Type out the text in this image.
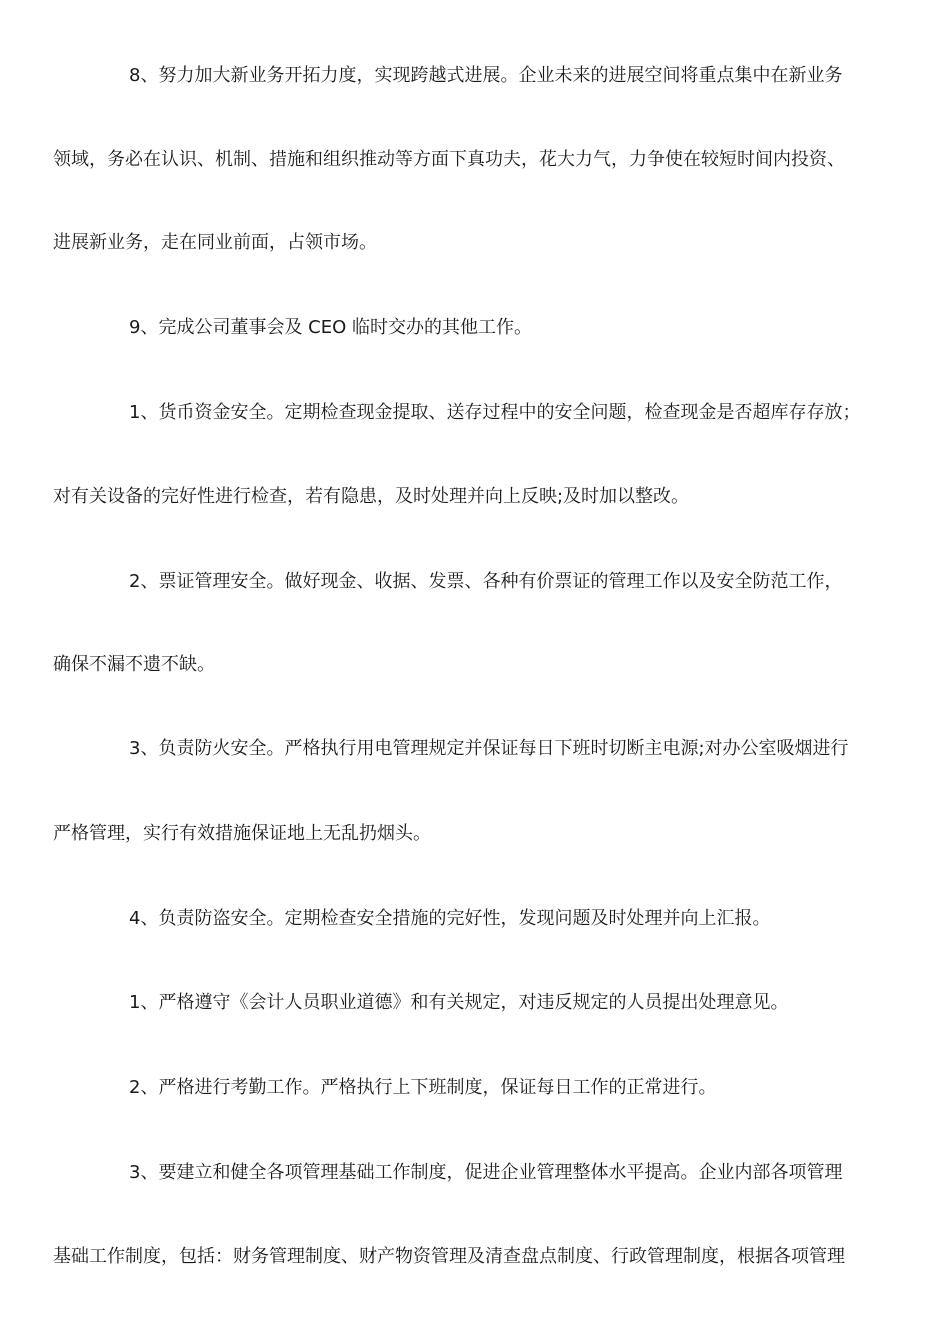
8、努力加大新业务开拓力度，实现跨越式进展。企业未来的进展空间将重点集中在新业务
领域，务必在认识、机制、措施和组织推动等方面下真功夫，花大力气，力争使在较短时间内投资、
进展新业务，走在同业前面，占领市场。
9、完成公司董事会及 CEO 临时交办的其他工作。
1、货币资金安全。定期检查现金提取、送存过程中的安全问题，检查现金是否超库存存放；
对有关设备的完好性进行检查，若有隐患，及时处理并向上反映;及时加以整改。
2、票证管理安全。做好现金、收据、发票、各种有价票证的管理工作以及安全防范工作，
确保不漏不遗不缺。
3、负责防火安全。严格执行用电管理规定并保证每日下班时切断主电源;对办公室吸烟进行
严格管理，实行有效措施保证地上无乱扔烟头。
4、负责防盗安全。定期检查安全措施的完好性，发现问题及时处理并向上汇报。
1、严格遵守《会计人员职业道德》和有关规定，对违反规定的人员提出处理意见。
2、严格进行考勤工作。严格执行上下班制度，保证每日工作的正常进行。
3、要建立和健全各项管理基础工作制度，促进企业管理整体水平提高。企业内部各项管理
基础工作制度，包括：财务管理制度、财产物资管理及清查盘点制度、行政管理制度，根据各项管理
